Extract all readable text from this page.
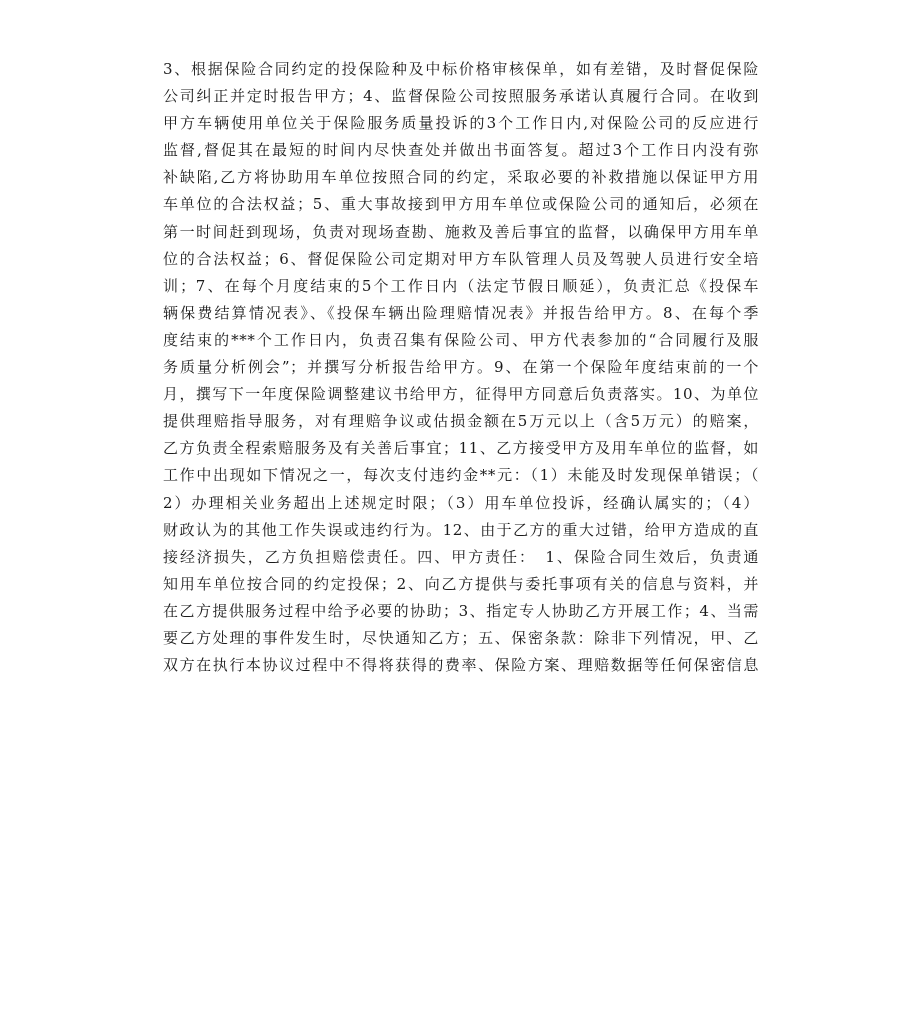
3、根据保险合同约定的投保险种及中标价格审核保单，如有差错，及时督促保险
公司纠正并定时报告甲方；4、监督保险公司按照服务承诺认真履行合同。在收到
甲方车辆使用单位关于保险服务质量投诉的3个工作日内,对保险公司的反应进行
监督,督促其在最短的时间内尽快查处并做出书面答复。超过3个工作日内没有弥
补缺陷,乙方将协助用车单位按照合同的约定，采取必要的补救措施以保证甲方用
车单位的合法权益；5、重大事故接到甲方用车单位或保险公司的通知后，必须在
第一时间赶到现场，负责对现场查勘、施救及善后事宜的监督，以确保甲方用车单
位的合法权益；6、督促保险公司定期对甲方车队管理人员及驾驶人员进行安全培
训；7、在每个月度结束的5个工作日内（法定节假日顺延），负责汇总《投保车
辆保费结算情况表》、《投保车辆出险理赔情况表》并报告给甲方。8、在每个季
度结束的***个工作日内，负责召集有保险公司、甲方代表参加的“合同履行及服
务质量分析例会”；并撰写分析报告给甲方。9、在第一个保险年度结束前的一个
月，撰写下一年度保险调整建议书给甲方，征得甲方同意后负责落实。10、为单位
提供理赔指导服务，对有理赔争议或估损金额在5万元以上（含5万元）的赔案，
乙方负责全程索赔服务及有关善后事宜；11、乙方接受甲方及用车单位的监督，如
工作中出现如下情况之一，每次支付违约金**元：（1）未能及时发现保单错误；（
2）办理相关业务超出上述规定时限；（3）用车单位投诉，经确认属实的；（4）
财政认为的其他工作失误或违约行为。12、由于乙方的重大过错，给甲方造成的直
接经济损失，乙方负担赔偿责任。四、甲方责任：　1、保险合同生效后，负责通
知用车单位按合同的约定投保；2、向乙方提供与委托事项有关的信息与资料，并
在乙方提供服务过程中给予必要的协助；3、指定专人协助乙方开展工作；4、当需
要乙方处理的事件发生时，尽快通知乙方；五、保密条款：除非下列情况，甲、乙
双方在执行本协议过程中不得将获得的费率、保险方案、理赔数据等任何保密信息
